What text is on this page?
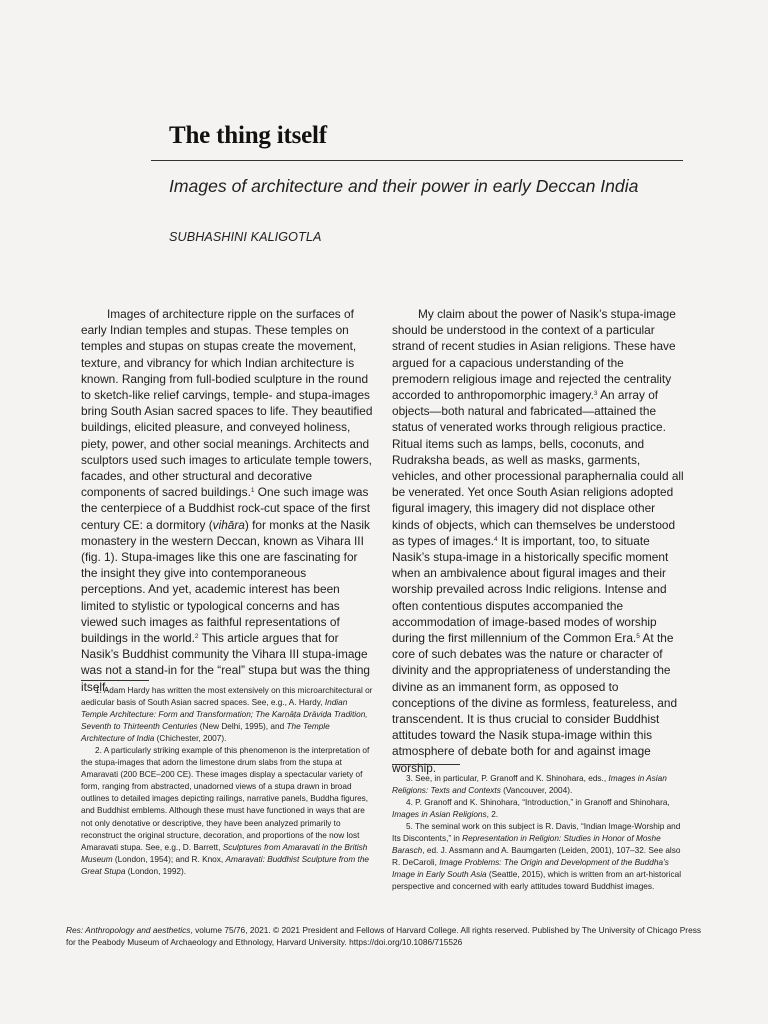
The thing itself
Images of architecture and their power in early Deccan India
SUBHASHINI KALIGOTLA

Images of architecture ripple on the surfaces of early Indian temples and stupas. These temples on temples and stupas on stupas create the movement, texture, and vibrancy for which Indian architecture is known. Ranging from full-bodied sculpture in the round to sketch-like relief carvings, temple- and stupa-images bring South Asian sacred spaces to life. They beautified buildings, elicited pleasure, and conveyed holiness, piety, power, and other social meanings. Architects and sculptors used such images to articulate temple towers, facades, and other structural and decorative components of sacred buildings.$^1$ One such image was the centerpiece of a Buddhist rock-cut space of the first century CE: a dormitory (vihāra) for monks at the Nasik monastery in the western Deccan, known as Vihara III (fig. 1). Stupa-images like this one are fascinating for the insight they give into contemporaneous perceptions. And yet, academic interest has been limited to stylistic or typological concerns and has viewed such images as faithful representations of buildings in the world.$^2$ This article argues that for Nasik’s Buddhist community the Vihara III stupa-image was not a stand-in for the “real” stupa but was the thing itself.

My claim about the power of Nasik’s stupa-image should be understood in the context of a particular strand of recent studies in Asian religions. These have argued for a capacious understanding of the premodern religious image and rejected the centrality accorded to anthropomorphic imagery.$^3$ An array of objects—both natural and fabricated—attained the status of venerated works through religious practice. Ritual items such as lamps, bells, coconuts, and Rudraksha beads, as well as masks, garments, vehicles, and other processional paraphernalia could all be venerated. Yet once South Asian religions adopted figural imagery, this imagery did not displace other kinds of objects, which can themselves be understood as types of images.$^4$ It is important, too, to situate Nasik’s stupa-image in a historically specific moment when an ambivalence about figural images and their worship prevailed across Indic religions. Intense and often contentious disputes accompanied the accommodation of image-based modes of worship during the first millennium of the Common Era.$^5$ At the core of such debates was the nature or character of divinity and the appropriateness of understanding the divine as an immanent form, as opposed to conceptions of the divine as formless, featureless, and transcendent. It is thus crucial to consider Buddhist attitudes toward the Nasik stupa-image within this atmosphere of debate both for and against image worship.

1. Adam Hardy has written the most extensively on this microarchitectural or aedicular basis of South Asian sacred spaces. See, e.g., A. Hardy, Indian Temple Architecture: Form and Transformation; The Karṇāṭa Drāviḍa Tradition, Seventh to Thirteenth Centuries (New Delhi, 1995), and The Temple Architecture of India (Chichester, 2007).

2. A particularly striking example of this phenomenon is the interpretation of the stupa-images that adorn the limestone drum slabs from the stupa at Amaravati (200 BCE–200 CE). These images display a spectacular variety of form, ranging from abstracted, unadorned views of a stupa drawn in broad outlines to detailed images depicting railings, narrative panels, Buddha figures, and Buddhist emblems. Although these must have functioned in ways that are not only denotative or descriptive, they have been analyzed primarily to reconstruct the original structure, decoration, and proportions of the now lost Amaravati stupa. See, e.g., D. Barrett, Sculptures from Amaravati in the British Museum (London, 1954); and R. Knox, Amaravati: Buddhist Sculpture from the Great Stupa (London, 1992).

3. See, in particular, P. Granoff and K. Shinohara, eds., Images in Asian Religions: Texts and Contexts (Vancouver, 2004).

4. P. Granoff and K. Shinohara, “Introduction,” in Granoff and Shinohara, Images in Asian Religions, 2.

5. The seminal work on this subject is R. Davis, “Indian Image-Worship and Its Discontents,” in Representation in Religion: Studies in Honor of Moshe Barasch, ed. J. Assmann and A. Baumgarten (Leiden, 2001), 107–32. See also R. DeCaroli, Image Problems: The Origin and Development of the Buddha’s Image in Early South Asia (Seattle, 2015), which is written from an art-historical perspective and concerned with early attitudes toward Buddhist images.

Res: Anthropology and aesthetics, volume 75/76, 2021. © 2021 President and Fellows of Harvard College. All rights reserved. Published by The University of Chicago Press for the Peabody Museum of Archaeology and Ethnology, Harvard University. https://doi.org/10.1086/715526
